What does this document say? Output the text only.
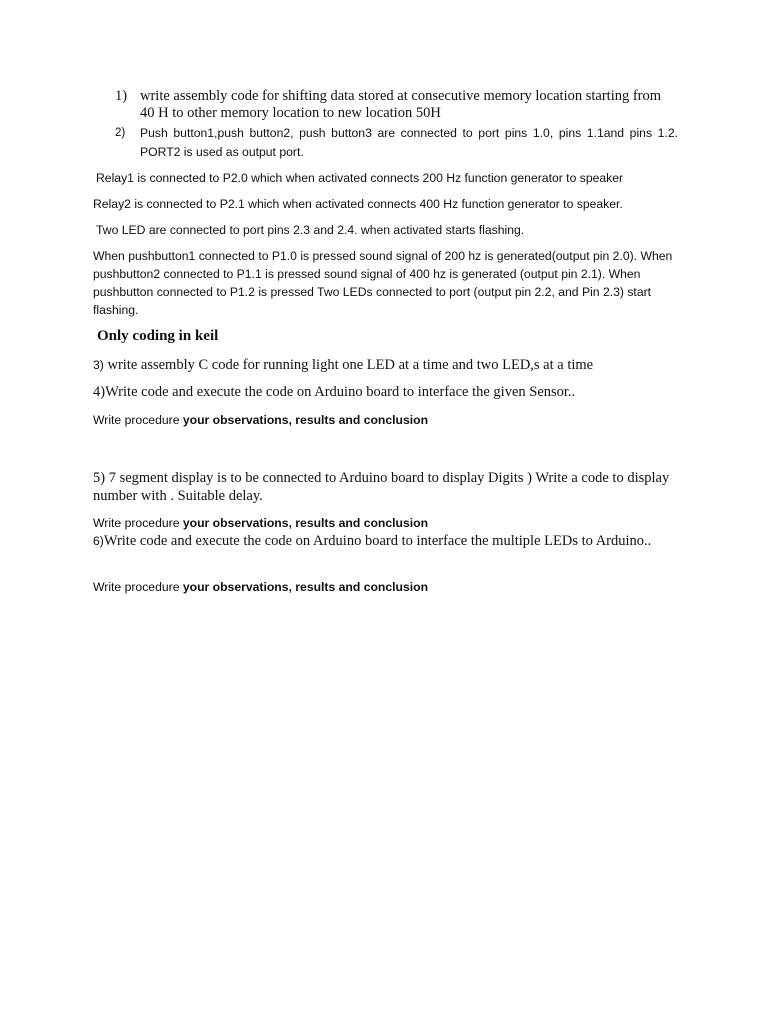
1) write assembly code for shifting data stored at consecutive memory location starting from 40 H to other memory location to new location 50H
2) Push button1,push button2, push button3 are connected to port pins 1.0, pins 1.1and pins 1.2. PORT2 is used as output port.

Relay1 is connected to P2.0 which when activated connects 200 Hz function generator to speaker

Relay2 is connected to P2.1 which when activated connects 400 Hz function generator to speaker.

Two LED are connected to port pins 2.3 and 2.4. when activated starts flashing.

When pushbutton1 connected to P1.0 is pressed sound signal of 200 hz is generated(output pin 2.0). When pushbutton2 connected to P1.1 is pressed sound signal of 400 hz is generated (output pin 2.1). When pushbutton connected to P1.2 is pressed Two LEDs connected to port (output pin 2.2, and Pin 2.3) start flashing.

Only coding in keil

3) write assembly C code for running light one LED at a time and two LED,s at a time

4)Write code and execute the code on Arduino board to interface the given Sensor..

Write procedure your observations, results and conclusion

5) 7 segment display is to be connected to Arduino board to display Digits ) Write a code to display number with . Suitable delay.

Write procedure your observations, results and conclusion

6)Write code and execute the code on Arduino board to interface the multiple LEDs to Arduino..

Write procedure your observations, results and conclusion
